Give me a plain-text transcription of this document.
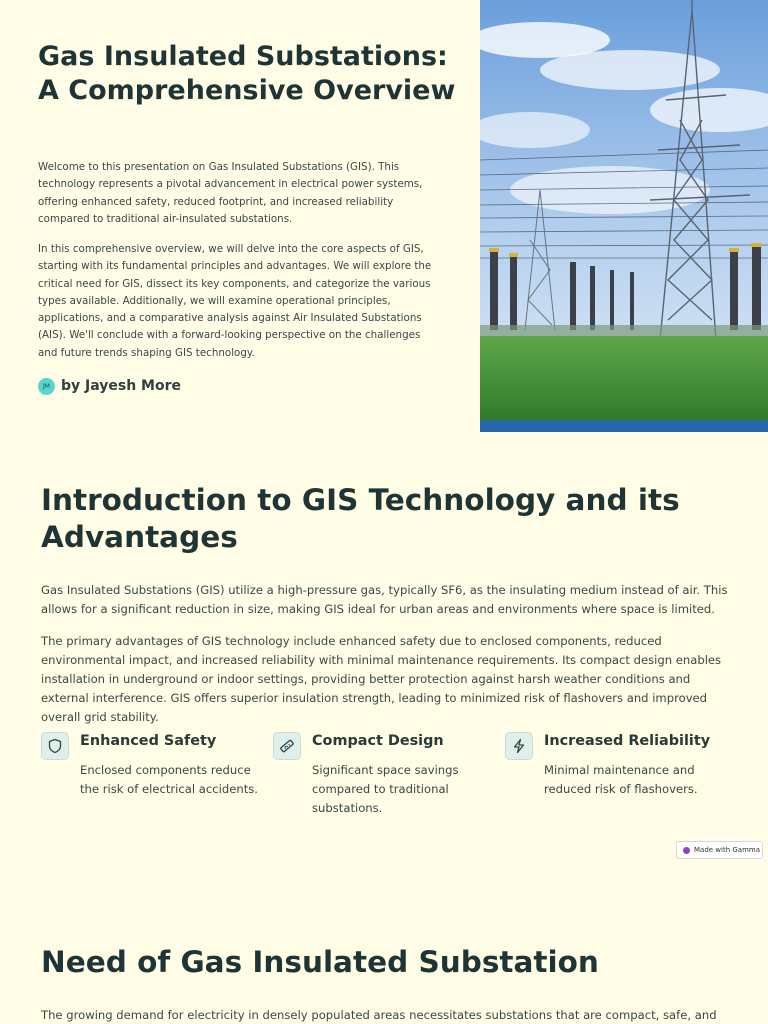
Gas Insulated Substations: A Comprehensive Overview

Welcome to this presentation on Gas Insulated Substations (GIS). This technology represents a pivotal advancement in electrical power systems, offering enhanced safety, reduced footprint, and increased reliability compared to traditional air-insulated substations.

In this comprehensive overview, we will delve into the core aspects of GIS, starting with its fundamental principles and advantages. We will explore the critical need for GIS, dissect its key components, and categorize the various types available. Additionally, we will examine operational principles, applications, and a comparative analysis against Air Insulated Substations (AIS). We'll conclude with a forward-looking perspective on the challenges and future trends shaping GIS technology.

JM by Jayesh More
Introduction to GIS Technology and its Advantages

Gas Insulated Substations (GIS) utilize a high-pressure gas, typically SF6, as the insulating medium instead of air. This allows for a significant reduction in size, making GIS ideal for urban areas and environments where space is limited.

The primary advantages of GIS technology include enhanced safety due to enclosed components, reduced environmental impact, and increased reliability with minimal maintenance requirements. Its compact design enables installation in underground or indoor settings, providing better protection against harsh weather conditions and external interference. GIS offers superior insulation strength, leading to minimized risk of flashovers and improved overall grid stability.

Enhanced Safety
Enclosed components reduce the risk of electrical accidents.
Compact Design
Significant space savings compared to traditional substations.
Increased Reliability
Minimal maintenance and reduced risk of flashovers.
Made with Gamma
Need of Gas Insulated Substation

The growing demand for electricity in densely populated areas necessitates substations that are compact, safe, and
